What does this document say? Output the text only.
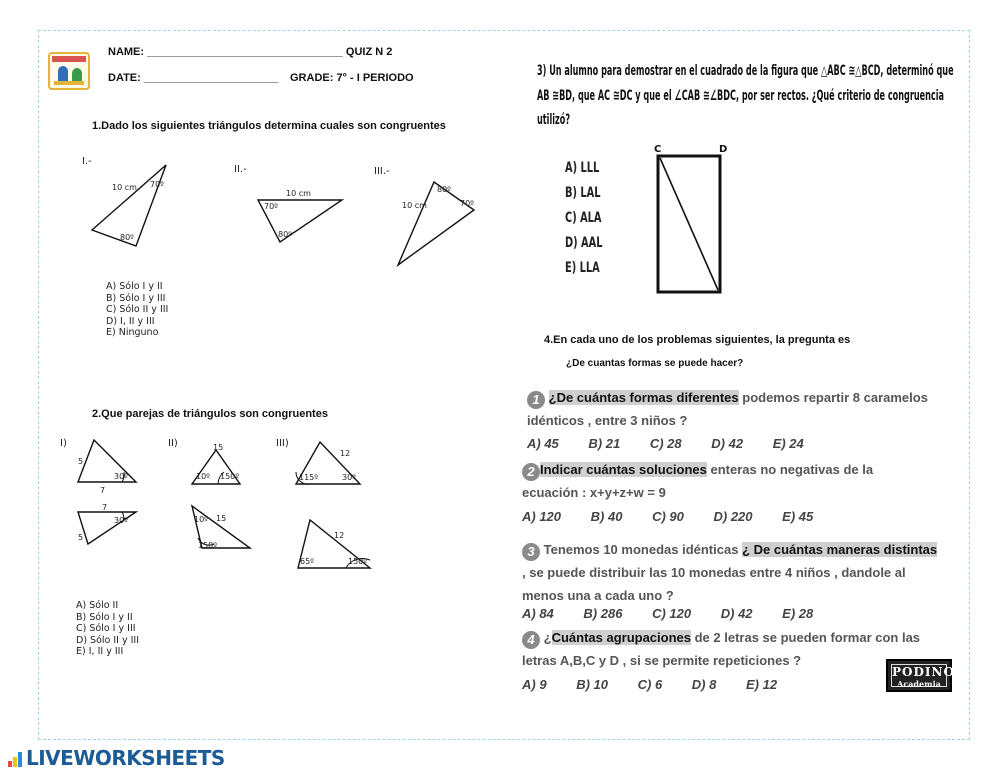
NAME: ________________________________ QUIZ N 2
DATE: ______________________ GRADE: 7° - I PERIODO
1.Dado los siguientes triángulos determina cuales son congruentes
I.-
10 cm 70º
80º
II.-
10 cm
70º
80º
III.-
10 cm
80º
70º
A) Sólo I y II
B) Sólo I y III
C) Sólo II y III
D) I, II y III
E) Ninguno
2.Que parejas de triángulos son congruentes
I)
5
30º
7
7
30º
5
II)	15
10º 150º
10º 15
150º
III)
12
115º	30º
12
65º	150º
A) Sólo II
B) Sólo I y II
C) Sólo I y III
D) Sólo II y III
E) I, II y III
3) Un alumno para demostrar en el cuadrado de la figura que △ABC ≅△BCD, determinó que
AB ≅BD, que AC ≅DC y que el ∠CAB ≅∠BDC, por ser rectos. ¿Qué criterio de congruencia
utilizó?
A) LLL
B) LAL
C) ALA
D) AAL
E) LLA
C	D
4.En cada uno de los problemas siguientes, la pregunta es
¿De cuantas formas se puede hacer?
1 ¿De cuántas formas diferentes podemos repartir 8 caramelos
idénticos , entre 3 niños ?
A) 45 B) 21 C) 28 D) 42 E) 24
2 Indicar cuántas soluciones enteras no negativas de la
ecuación : x+y+z+w = 9
A) 120 B) 40 C) 90 D) 220 E) 45
3 Tenemos 10 monedas idénticas ¿ De cuántas maneras distintas
, se puede distribuir las 10 monedas entre 4 niños , dandole al
menos una a cada uno ?
A) 84 B) 286 C) 120 D) 42 E) 28
4 ¿Cuántas agrupaciones de 2 letras se pueden formar con las
letras A,B,C y D , si se permite repeticiones ?
A) 9 B) 10 C) 6 D) 8 E) 12
PODINOS
Academia
LIVEWORKSHEETS
